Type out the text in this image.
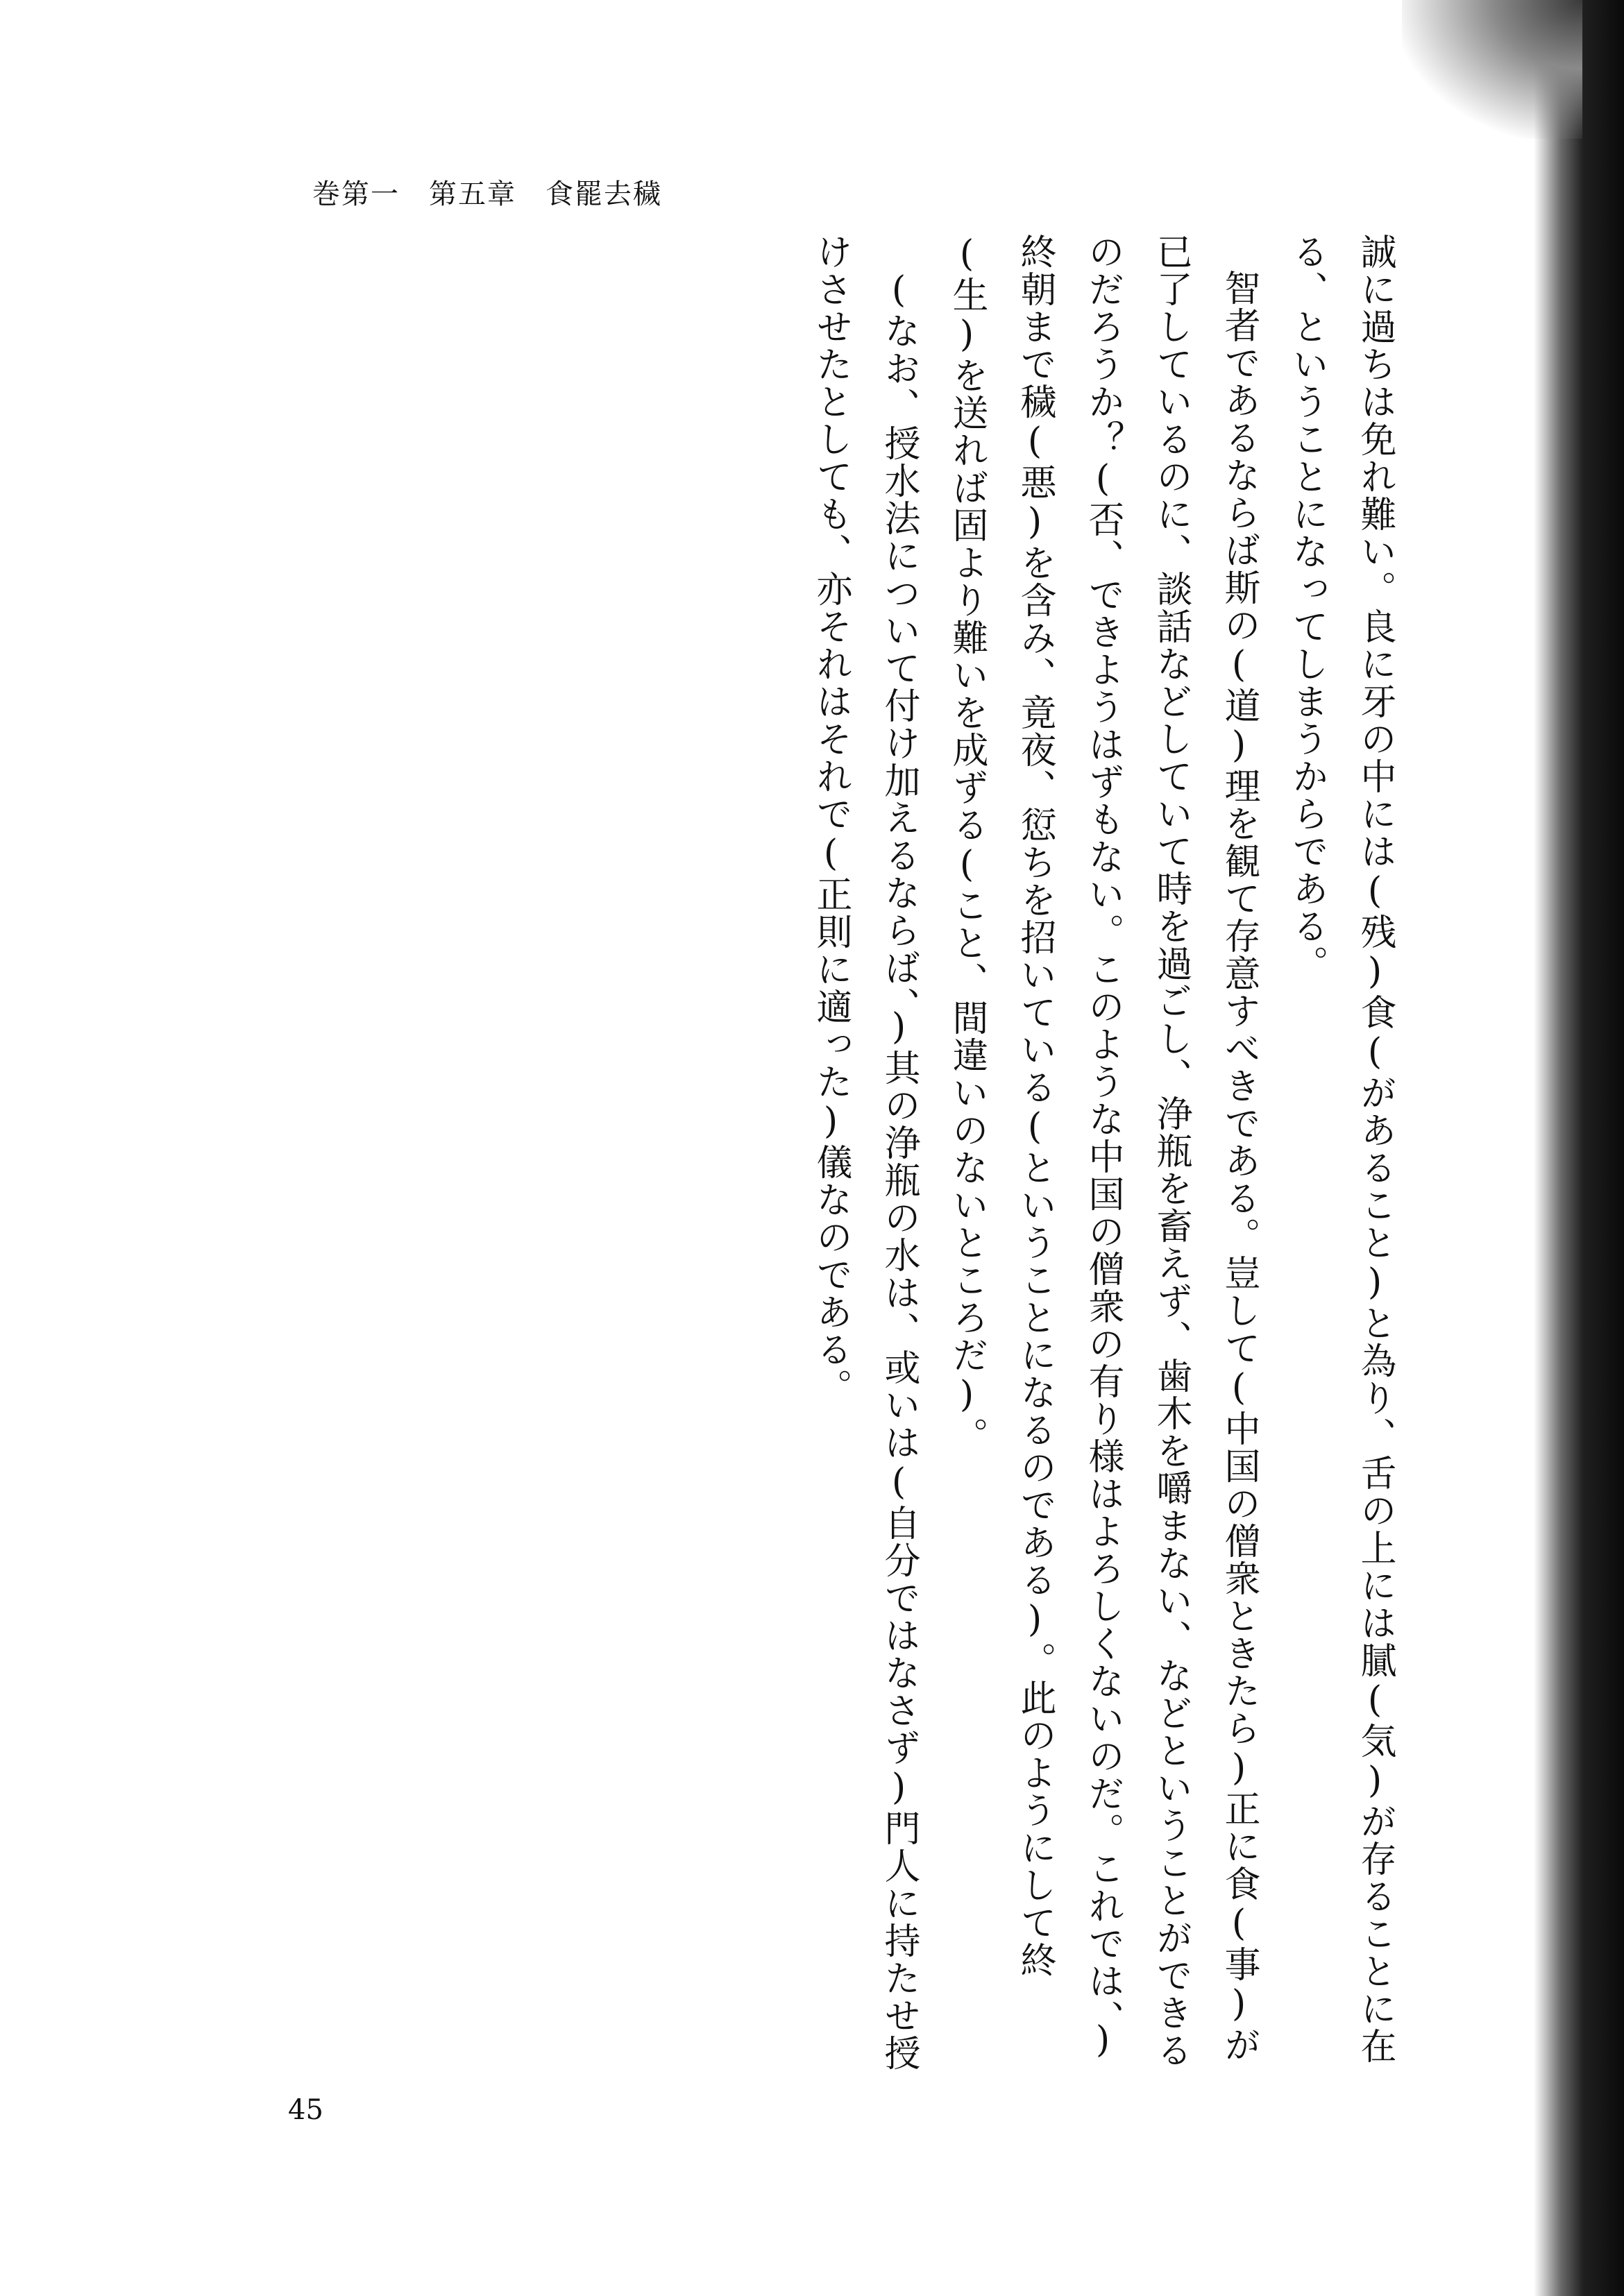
巻第一　第五章　食罷去穢

誠に過ちは免れ難い。良に牙の中には(残)食(があること)と為り、舌の上には膩(気)が存ることに在る、ということになってしまうからである。

智者であるならば斯の(道)理を観て存意すべきである。豈して(中国の僧衆ときたら)正に食(事)が已了しているのに、談話などしていて時を過ごし、浄瓶を畜えず、歯木を嚼まない、などということができるのだろうか？(否、できようはずもない。このような中国の僧衆の有り様はよろしくないのだ。これでは、)終朝まで穢(悪)を含み、竟夜、愆ちを招いている(ということになるのである)。此のようにして終(生)を送れば固より難いを成ずる(こと、間違いのないところだ)。

(なお、授水法について付け加えるならば、)其の浄瓶の水は、或いは(自分ではなさず)門人に持たせ授けさせたとしても、亦それはそれで(正則に適った)儀なのである。

45
